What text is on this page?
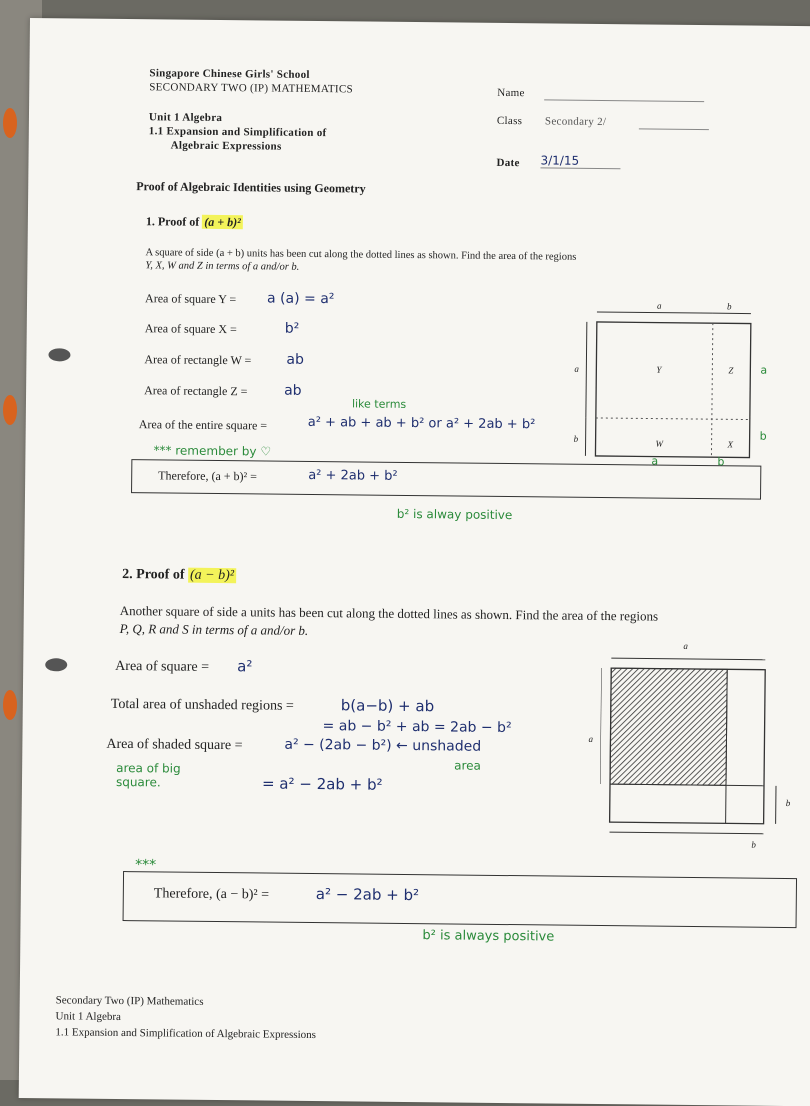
Singapore Chinese Girls' School
SECONDARY TWO (IP) MATHEMATICS
Unit 1 Algebra
1.1 Expansion and Simplification of
Algebraic Expressions
Name
Class Secondary 2/
Date 3/1/15
Proof of Algebraic Identities using Geometry
1. Proof of (a + b)²
A square of side (a + b) units has been cut along the dotted lines as shown. Find the area of the regions
Y, X, W and Z in terms of a and/or b.
Area of square Y = a (a) = a²
Area of square X =	b²
Area of rectangle W = ab
Area of rectangle Z =	ab
like terms
Area of the entire square =	a² + ab + ab + b² or a² + 2ab + b²
*** remember by ♡
Therefore, (a + b)² =	a² + 2ab + b²
b² is alway positive
a	b
a
b
Y	Z
W	X
a
b
a	b
2. Proof of (a − b)²
Another square of side a units has been cut along the dotted lines as shown. Find the area of the regions
P, Q, R and S in terms of a and/or b.
Area of square = a²
Total area of unshaded regions =	b(a−b) + ab
= ab − b² + ab = 2ab − b²
Area of shaded square =	a² − (2ab − b²) ← unshaded
area
= a² − 2ab + b²
area of big square.
***
Therefore, (a − b)² =	a² − 2ab + b²
b² is always positive
a
a
b
b
Secondary Two (IP) Mathematics
Unit 1 Algebra
1.1 Expansion and Simplification of Algebraic Expressions
